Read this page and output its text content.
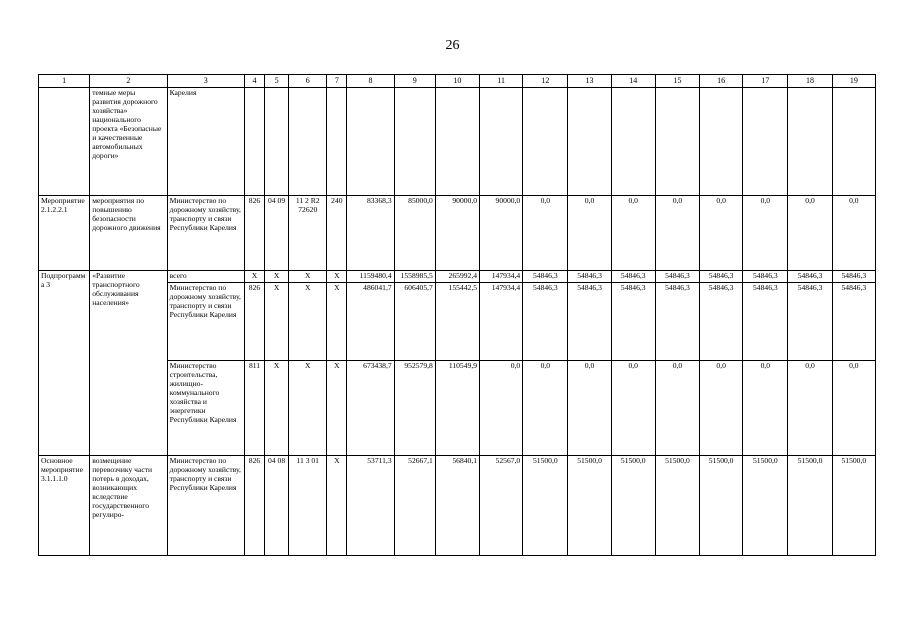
26
1	2	3	4	5	6	7	8	9	10	11	12	13	14	15	16	17	18	19
	темные меры развития дорожного хозяйства» национального проекта «Безопасные и качественные автомобильных дороги»	Карелия																
Мероприятие 2.1.2.2.1	мероприятия по повышению безопасности дорожного движения	Министерство по дорожному хозяйству, транспорту и связи Республики Карелия	826	04 09	11 2 R2 72620	240	83368,3	85000,0	90000,0	90000,0	0,0	0,0	0,0	0,0	0,0	0,0	0,0	0,0
Подпрограмма 3	«Развитие транспортного обслуживания населения»	всего	Х	Х	Х	Х	1159480,4	1558985,5	265992,4	147934,4	54846,3	54846,3	54846,3	54846,3	54846,3	54846,3	54846,3	54846,3
		Министерство по дорожному хозяйству, транспорту и связи Республики Карелия	826	Х	Х	Х	486041,7	606405,7	155442,5	147934,4	54846,3	54846,3	54846,3	54846,3	54846,3	54846,3	54846,3	54846,3
		Министерство строительства, жилищно-коммунального хозяйства и энергетики Республики Карелия	811	Х	Х	Х	673438,7	952579,8	110549,9	0,0	0,0	0,0	0,0	0,0	0,0	0,0	0,0	0,0
Основное мероприятие 3.1.1.1.0	возмещение перевозчику части потерь в доходах, возникающих вследствие государственного регулиро-	Министерство по дорожному хозяйству, транспорту и связи Республики Карелия	826	04 08	11 3 01	Х	53711,3	52667,1	56840,1	52567,0	51500,0	51500,0	51500,0	51500,0	51500,0	51500,0	51500,0	51500,0
